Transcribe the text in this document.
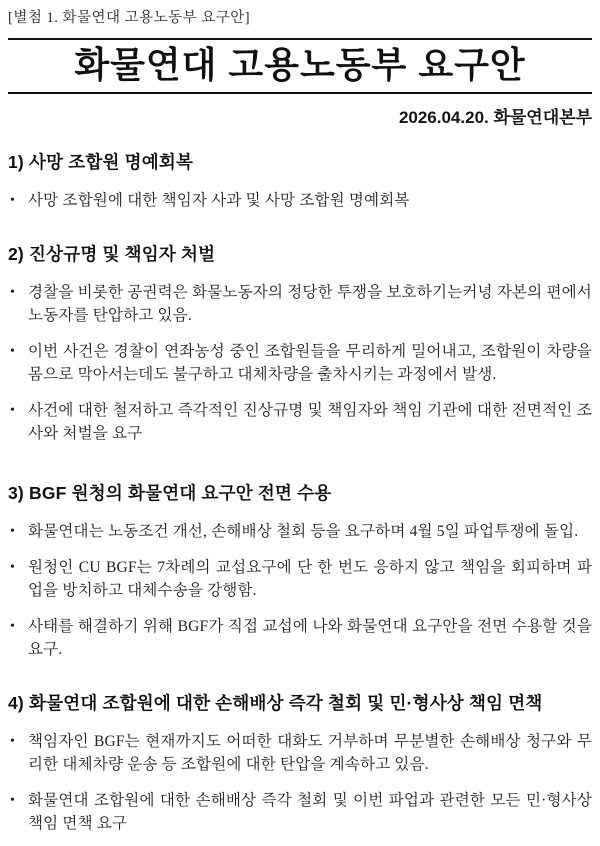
[별첨 1. 화물연대 고용노동부 요구안]
화물연대 고용노동부 요구안
2026.04.20. 화물연대본부
1) 사망 조합원 명예회복
• 사망 조합원에 대한 책임자 사과 및 사망 조합원 명예회복
2) 진상규명 및 책임자 처벌
• 경찰을 비롯한 공권력은 화물노동자의 정당한 투쟁을 보호하기는커녕 자본의 편에서 노동자를 탄압하고 있음.
• 이번 사건은 경찰이 연좌농성 중인 조합원들을 무리하게 밀어내고, 조합원이 차량을 몸으로 막아서는데도 불구하고 대체차량을 출차시키는 과정에서 발생.
• 사건에 대한 철저하고 즉각적인 진상규명 및 책임자와 책임 기관에 대한 전면적인 조사와 처벌을 요구
3) BGF 원청의 화물연대 요구안 전면 수용
• 화물연대는 노동조건 개선, 손해배상 철회 등을 요구하며 4월 5일 파업투쟁에 돌입.
• 원청인 CU BGF는 7차례의 교섭요구에 단 한 번도 응하지 않고 책임을 회피하며 파업을 방치하고 대체수송을 강행함.
• 사태를 해결하기 위해 BGF가 직접 교섭에 나와 화물연대 요구안을 전면 수용할 것을 요구.
4) 화물연대 조합원에 대한 손해배상 즉각 철회 및 민·형사상 책임 면책
• 책임자인 BGF는 현재까지도 어떠한 대화도 거부하며 무분별한 손해배상 청구와 무리한 대체차량 운송 등 조합원에 대한 탄압을 계속하고 있음.
• 화물연대 조합원에 대한 손해배상 즉각 철회 및 이번 파업과 관련한 모든 민·형사상 책임 면책 요구
